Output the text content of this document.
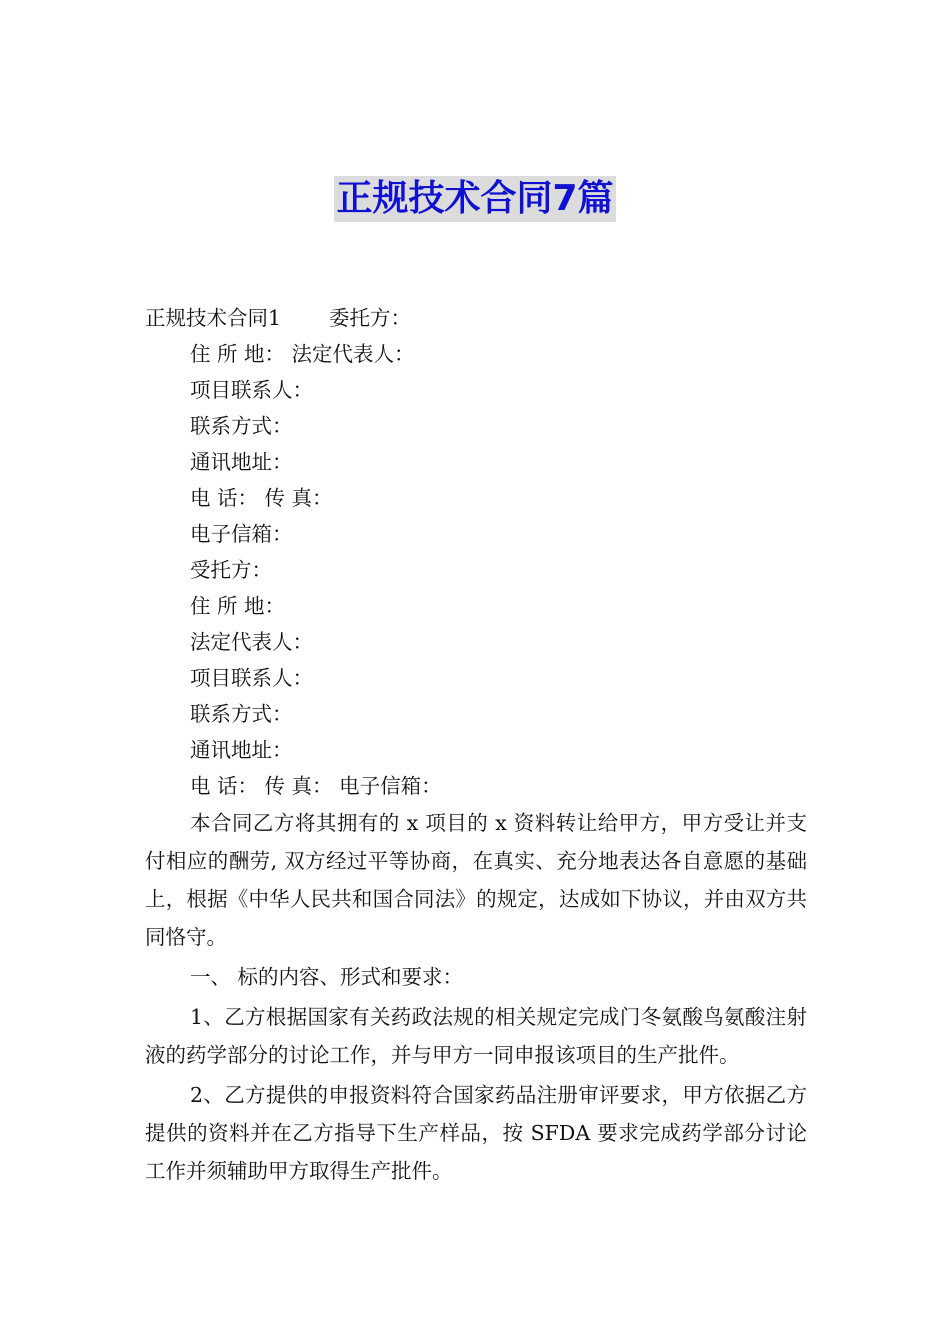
正规技术合同7篇
正规技术合同1 委托方：
住 所 地： 法定代表人：
项目联系人：
联系方式：
通讯地址：
电 话： 传 真：
电子信箱：
受托方：
住 所 地：
法定代表人：
项目联系人：
联系方式：
通讯地址：
电 话： 传 真： 电子信箱：

本合同乙方将其拥有的 x 项目的 x 资料转让给甲方，甲方受让并支付相应的酬劳, 双方经过平等协商，在真实、充分地表达各自意愿的基础上，根据《中华人民共和国合同法》的规定，达成如下协议，并由双方共同恪守。

一、 标的内容、形式和要求：

1、乙方根据国家有关药政法规的相关规定完成门冬氨酸鸟氨酸注射液的药学部分的讨论工作，并与甲方一同申报该项目的生产批件。

2、乙方提供的申报资料符合国家药品注册审评要求，甲方依据乙方提供的资料并在乙方指导下生产样品，按 SFDA 要求完成药学部分讨论工作并须辅助甲方取得生产批件。
